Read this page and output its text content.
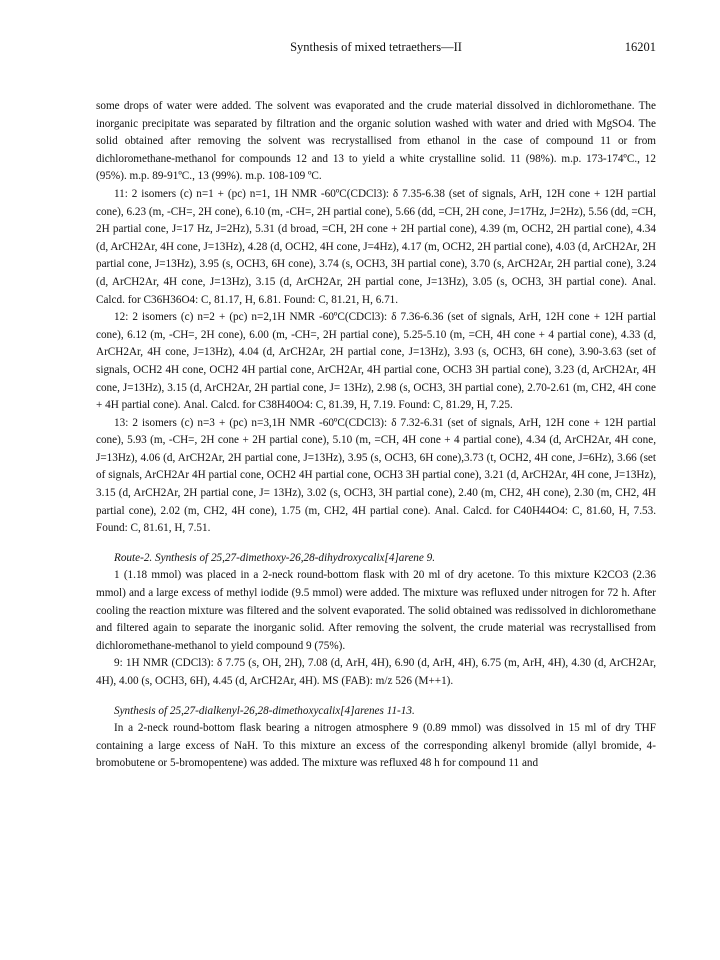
Synthesis of mixed tetraethers—II	16201

some drops of water were added. The solvent was evaporated and the crude material dissolved in dichloromethane. The inorganic precipitate was separated by filtration and the organic solution washed with water and dried with MgSO4. The solid obtained after removing the solvent was recrystallised from ethanol in the case of compound 11 or from dichloromethane-methanol for compounds 12 and 13 to yield a white crystalline solid. 11 (98%). m.p. 173-174ºC., 12 (95%). m.p. 89-91ºC., 13 (99%). m.p. 108-109 ºC.

11: 2 isomers (c) n=1 + (pc) n=1, 1H NMR -60ºC(CDCl3): δ 7.35-6.38 (set of signals, ArH, 12H cone + 12H partial cone), 6.23 (m, -CH=, 2H cone), 6.10 (m, -CH=, 2H partial cone), 5.66 (dd, =CH, 2H cone, J=17Hz, J=2Hz), 5.56 (dd, =CH, 2H partial cone, J=17 Hz, J=2Hz), 5.31 (d broad, =CH, 2H cone + 2H partial cone), 4.39 (m, OCH2, 2H partial cone), 4.34 (d, ArCH2Ar, 4H cone, J=13Hz), 4.28 (d, OCH2, 4H cone, J=4Hz), 4.17 (m, OCH2, 2H partial cone), 4.03 (d, ArCH2Ar, 2H partial cone, J=13Hz), 3.95 (s, OCH3, 6H cone), 3.74 (s, OCH3, 3H partial cone), 3.70 (s, ArCH2Ar, 2H partial cone), 3.24 (d, ArCH2Ar, 4H cone, J=13Hz), 3.15 (d, ArCH2Ar, 2H partial cone, J=13Hz), 3.05 (s, OCH3, 3H partial cone). Anal. Calcd. for C36H36O4: C, 81.17, H, 6.81. Found: C, 81.21, H, 6.71.

12: 2 isomers (c) n=2 + (pc) n=2,1H NMR -60ºC(CDCl3): δ 7.36-6.36 (set of signals, ArH, 12H cone + 12H partial cone), 6.12 (m, -CH=, 2H cone), 6.00 (m, -CH=, 2H partial cone), 5.25-5.10 (m, =CH, 4H cone + 4 partial cone), 4.33 (d, ArCH2Ar, 4H cone, J=13Hz), 4.04 (d, ArCH2Ar, 2H partial cone, J=13Hz), 3.93 (s, OCH3, 6H cone), 3.90-3.63 (set of signals, OCH2 4H cone, OCH2 4H partial cone, ArCH2Ar, 4H partial cone, OCH3 3H partial cone), 3.23 (d, ArCH2Ar, 4H cone, J=13Hz), 3.15 (d, ArCH2Ar, 2H partial cone, J= 13Hz), 2.98 (s, OCH3, 3H partial cone), 2.70-2.61 (m, CH2, 4H cone + 4H partial cone). Anal. Calcd. for C38H40O4: C, 81.39, H, 7.19. Found: C, 81.29, H, 7.25.

13: 2 isomers (c) n=3 + (pc) n=3,1H NMR -60ºC(CDCl3): δ 7.32-6.31 (set of signals, ArH, 12H cone + 12H partial cone), 5.93 (m, -CH=, 2H cone + 2H partial cone), 5.10 (m, =CH, 4H cone + 4 partial cone), 4.34 (d, ArCH2Ar, 4H cone, J=13Hz), 4.06 (d, ArCH2Ar, 2H partial cone, J=13Hz), 3.95 (s, OCH3, 6H cone),3.73 (t, OCH2, 4H cone, J=6Hz), 3.66 (set of signals, ArCH2Ar 4H partial cone, OCH2 4H partial cone, OCH3 3H partial cone), 3.21 (d, ArCH2Ar, 4H cone, J=13Hz), 3.15 (d, ArCH2Ar, 2H partial cone, J= 13Hz), 3.02 (s, OCH3, 3H partial cone), 2.40 (m, CH2, 4H cone), 2.30 (m, CH2, 4H partial cone), 2.02 (m, CH2, 4H cone), 1.75 (m, CH2, 4H partial cone). Anal. Calcd. for C40H44O4: C, 81.60, H, 7.53. Found: C, 81.61, H, 7.51.

Route-2. Synthesis of 25,27-dimethoxy-26,28-dihydroxycalix[4]arene 9.

1 (1.18 mmol) was placed in a 2-neck round-bottom flask with 20 ml of dry acetone. To this mixture K2CO3 (2.36 mmol) and a large excess of methyl iodide (9.5 mmol) were added. The mixture was refluxed under nitrogen for 72 h. After cooling the reaction mixture was filtered and the solvent evaporated. The solid obtained was redissolved in dichloromethane and filtered again to separate the inorganic solid. After removing the solvent, the crude material was recrystallised from dichloromethane-methanol to yield compound 9 (75%).

9: 1H NMR (CDCl3): δ 7.75 (s, OH, 2H), 7.08 (d, ArH, 4H), 6.90 (d, ArH, 4H), 6.75 (m, ArH, 4H), 4.30 (d, ArCH2Ar, 4H), 4.00 (s, OCH3, 6H), 4.45 (d, ArCH2Ar, 4H). MS (FAB): m/z 526 (M++1).

Synthesis of 25,27-dialkenyl-26,28-dimethoxycalix[4]arenes 11-13.

In a 2-neck round-bottom flask bearing a nitrogen atmosphere 9 (0.89 mmol) was dissolved in 15 ml of dry THF containing a large excess of NaH. To this mixture an excess of the corresponding alkenyl bromide (allyl bromide, 4-bromobutene or 5-bromopentene) was added. The mixture was refluxed 48 h for compound 11 and
